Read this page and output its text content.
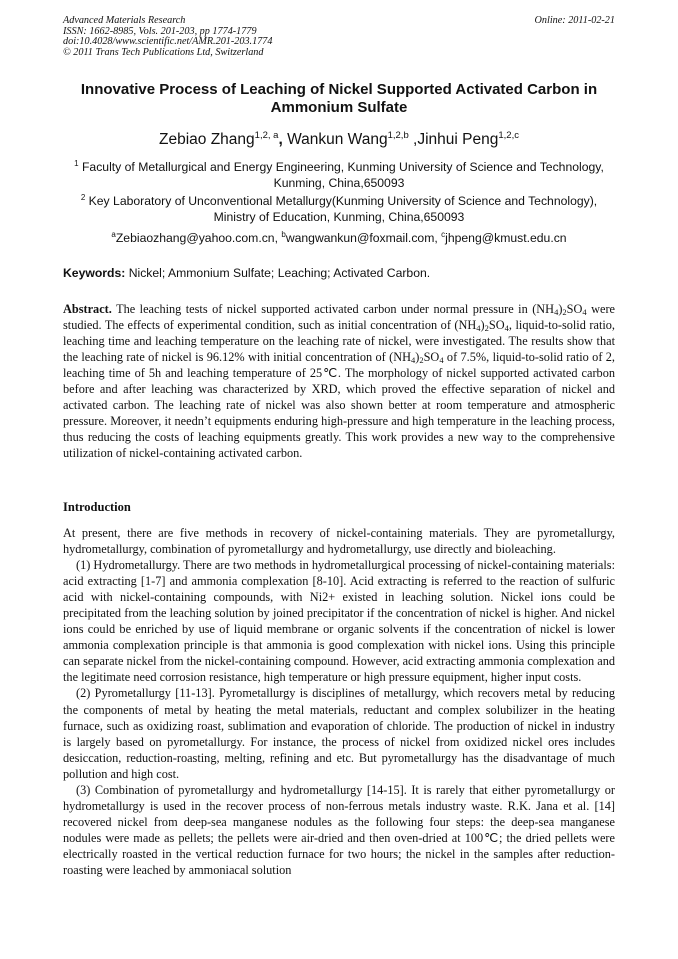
Advanced Materials Research
ISSN: 1662-8985, Vols. 201-203, pp 1774-1779
doi:10.4028/www.scientific.net/AMR.201-203.1774
© 2011 Trans Tech Publications Ltd, Switzerland
Online: 2011-02-21
Innovative Process of Leaching of Nickel Supported Activated Carbon in
Ammonium Sulfate
Zebiao Zhang$^{1,2, a}$, Wankun Wang$^{1,2,b}$ ,Jinhui Peng$^{1,2,c}$
$^1$ Faculty of Metallurgical and Energy Engineering, Kunming University of Science and Technology,
Kunming, China,650093
$^2$ Key Laboratory of Unconventional Metallurgy(Kunming University of Science and Technology),
Ministry of Education, Kunming, China,650093
$^a$Zebiaozhang@yahoo.com.cn, $^b$wangwankun@foxmail.com, $^c$jhpeng@kmust.edu.cn
Keywords: Nickel; Ammonium Sulfate; Leaching; Activated Carbon.
Abstract. The leaching tests of nickel supported activated carbon under normal pressure in $(NH_4)_2SO_4$ were studied. The effects of experimental condition, such as initial concentration of $(NH_4)_2SO_4$, liquid-to-solid ratio, leaching time and leaching temperature on the leaching rate of nickel, were investigated. The results show that the leaching rate of nickel is 96.12% with initial concentration of $(NH_4)_2SO_4$ of 7.5%, liquid-to-solid ratio of 2, leaching time of 5h and leaching temperature of 25℃. The morphology of nickel supported activated carbon before and after leaching was characterized by XRD, which proved the effective separation of nickel and activated carbon. The leaching rate of nickel was also shown better at room temperature and atmospheric pressure. Moreover, it needn’t equipments enduring high-pressure and high temperature in the leaching process, thus reducing the costs of leaching equipments greatly. This work provides a new way to the comprehensive utilization of nickel-containing activated carbon.
Introduction

At present, there are five methods in recovery of nickel-containing materials. They are pyrometallurgy, hydrometallurgy, combination of pyrometallurgy and hydrometallurgy, use directly and bioleaching.

(1) Hydrometallurgy. There are two methods in hydrometallurgical processing of nickel-containing materials: acid extracting [1-7] and ammonia complexation [8-10]. Acid extracting is referred to the reaction of sulfuric acid with nickel-containing compounds, with Ni2+ existed in leaching solution. Nickel ions could be precipitated from the leaching solution by joined precipitator if the concentration of nickel is higher. And nickel ions could be enriched by use of liquid membrane or organic solvents if the concentration of nickel is lower ammonia complexation principle is that ammonia is good complexation with nickel ions. Using this principle can separate nickel from the nickel-containing compound. However, acid extracting ammonia complexation and the legitimate need corrosion resistance, high temperature or high pressure equipment, higher input costs.

(2) Pyrometallurgy [11-13]. Pyrometallurgy is disciplines of metallurgy, which recovers metal by reducing the components of metal by heating the metal materials, reductant and complex solubilizer in the heating furnace, such as oxidizing roast, sublimation and evaporation of chloride. The production of nickel in industry is largely based on pyrometallurgy. For instance, the process of nickel from oxidized nickel ores includes desiccation, reduction-roasting, melting, refining and etc. But pyrometallurgy has the disadvantage of much pollution and high cost.

(3) Combination of pyrometallurgy and hydrometallurgy [14-15]. It is rarely that either pyrometallurgy or hydrometallurgy is used in the recover process of non-ferrous metals industry waste. R.K. Jana et al. [14] recovered nickel from deep-sea manganese nodules as the following four steps: the deep-sea manganese nodules were made as pellets; the pellets were air-dried and then oven-dried at 100℃; the dried pellets were electrically roasted in the vertical reduction furnace for two hours; the nickel in the samples after reduction-roasting were leached by ammoniacal solution
